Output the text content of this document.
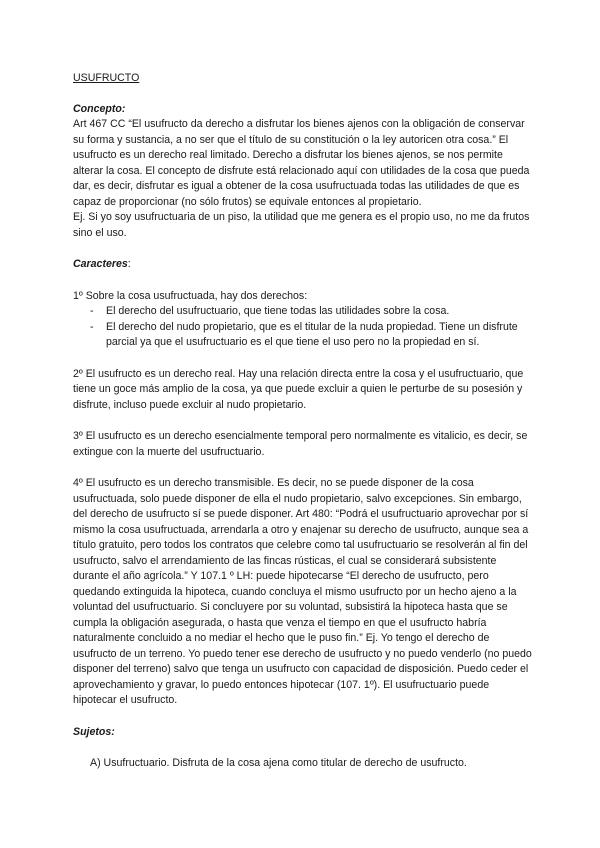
USUFRUCTO

Concepto:

Art 467 CC “El usufructo da derecho a disfrutar los bienes ajenos con la obligación de conservar su forma y sustancia, a no ser que el título de su constitución o la ley autoricen otra cosa.” El usufructo es un derecho real limitado. Derecho a disfrutar los bienes ajenos, se nos permite alterar la cosa. El concepto de disfrute está relacionado aquí con utilidades de la cosa que pueda dar, es decir, disfrutar es igual a obtener de la cosa usufructuada todas las utilidades de que es capaz de proporcionar (no sólo frutos) se equivale entonces al propietario.

Ej. Si yo soy usufructuaria de un piso, la utilidad que me genera es el propio uso, no me da frutos sino el uso.

Caracteres:

1º Sobre la cosa usufructuada, hay dos derechos:

- El derecho del usufructuario, que tiene todas las utilidades sobre la cosa.
- El derecho del nudo propietario, que es el titular de la nuda propiedad. Tiene un disfrute parcial ya que el usufructuario es el que tiene el uso pero no la propiedad en sí.

2º El usufructo es un derecho real. Hay una relación directa entre la cosa y el usufructuario, que tiene un goce más amplio de la cosa, ya que puede excluir a quien le perturbe de su posesión y disfrute, incluso puede excluir al nudo propietario.

3º El usufructo es un derecho esencialmente temporal pero normalmente es vitalicio, es decir, se extingue con la muerte del usufructuario.

4º El usufructo es un derecho transmisible. Es decir, no se puede disponer de la cosa usufructuada, solo puede disponer de ella el nudo propietario, salvo excepciones. Sin embargo, del derecho de usufructo sí se puede disponer. Art 480: “Podrá el usufructuario aprovechar por sí mismo la cosa usufructuada, arrendarla a otro y enajenar su derecho de usufructo, aunque sea a título gratuito, pero todos los contratos que celebre como tal usufructuario se resolverán al fin del usufructo, salvo el arrendamiento de las fincas rústicas, el cual se considerará subsistente durante el año agrícola.” Y 107.1 º LH: puede hipotecarse “El derecho de usufructo, pero quedando extinguida la hipoteca, cuando concluya el mismo usufructo por un hecho ajeno a la voluntad del usufructuario. Si concluyere por su voluntad, subsistirá la hipoteca hasta que se cumpla la obligación asegurada, o hasta que venza el tiempo en que el usufructo habría naturalmente concluido a no mediar el hecho que le puso fin.” Ej. Yo tengo el derecho de usufructo de un terreno. Yo puedo tener ese derecho de usufructo y no puedo venderlo (no puedo disponer del terreno) salvo que tenga un usufructo con capacidad de disposición. Puedo ceder el aprovechamiento y gravar, lo puedo entonces hipotecar (107. 1º). El usufructuario puede hipotecar el usufructo.

Sujetos:

A) Usufructuario. Disfruta de la cosa ajena como titular de derecho de usufructo.
